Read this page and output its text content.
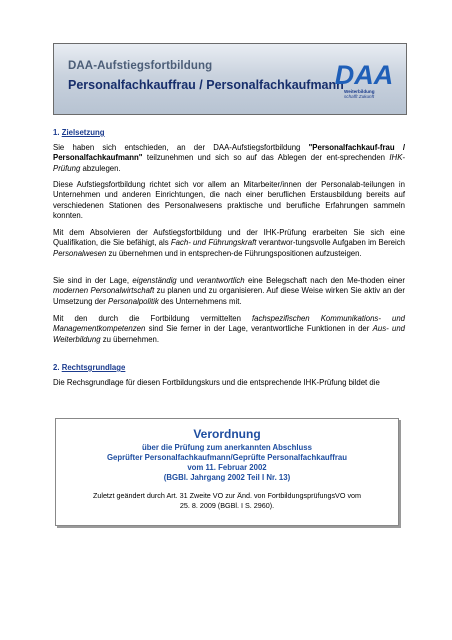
DAA-Aufstiegsfortbildung
Personalfachkauffrau / Personalfachkaufmann
DAA
Weiterbildung
schafft Zukunft
1. Zielsetzung
Sie haben sich entschieden, an der DAA-Aufstiegsfortbildung "Personalfachkauf-frau / Personalfachkaufmann" teilzunehmen und sich so auf das Ablegen der ent-sprechenden IHK-Prüfung abzulegen.
Diese Aufstiegsfortbildung richtet sich vor allem an Mitarbeiter/innen der Personalab-teilungen in Unternehmen und anderen Einrichtungen, die nach einer beruflichen Erstausbildung bereits auf verschiedenen Stationen des Personalwesens praktische und berufliche Erfahrungen sammeln konnten.
Mit dem Absolvieren der Aufstiegsfortbildung und der IHK-Prüfung erarbeiten Sie sich eine Qualifikation, die Sie befähigt, als Fach- und Führungskraft verantwor-tungsvolle Aufgaben im Bereich Personalwesen zu übernehmen und in entsprechen-de Führungspositionen aufzusteigen.
Sie sind in der Lage, eigenständig und verantwortlich eine Belegschaft nach den Me-thoden einer modernen Personalwirtschaft zu planen und zu organisieren. Auf diese Weise wirken Sie aktiv an der Umsetzung der Personalpolitik des Unternehmens mit.
Mit den durch die Fortbildung vermittelten fachspezifischen Kommunikations- und Managementkompetenzen sind Sie ferner in der Lage, verantwortliche Funktionen in der Aus- und Weiterbildung zu übernehmen.
2. Rechtsgrundlage
Die Rechsgrundlage für diesen Fortbildungskurs und die entsprechende IHK-Prüfung bildet die
Verordnung
über die Prüfung zum anerkannten Abschluss
Geprüfter Personalfachkaufmann/Geprüfte Personalfachkauffrau
vom 11. Februar 2002
(BGBl. Jahrgang 2002 Teil I Nr. 13)
Zuletzt geändert durch Art. 31 Zweite VO zur Änd. von FortbildungsprüfungsVO vom
25. 8. 2009 (BGBl. I S. 2960).
